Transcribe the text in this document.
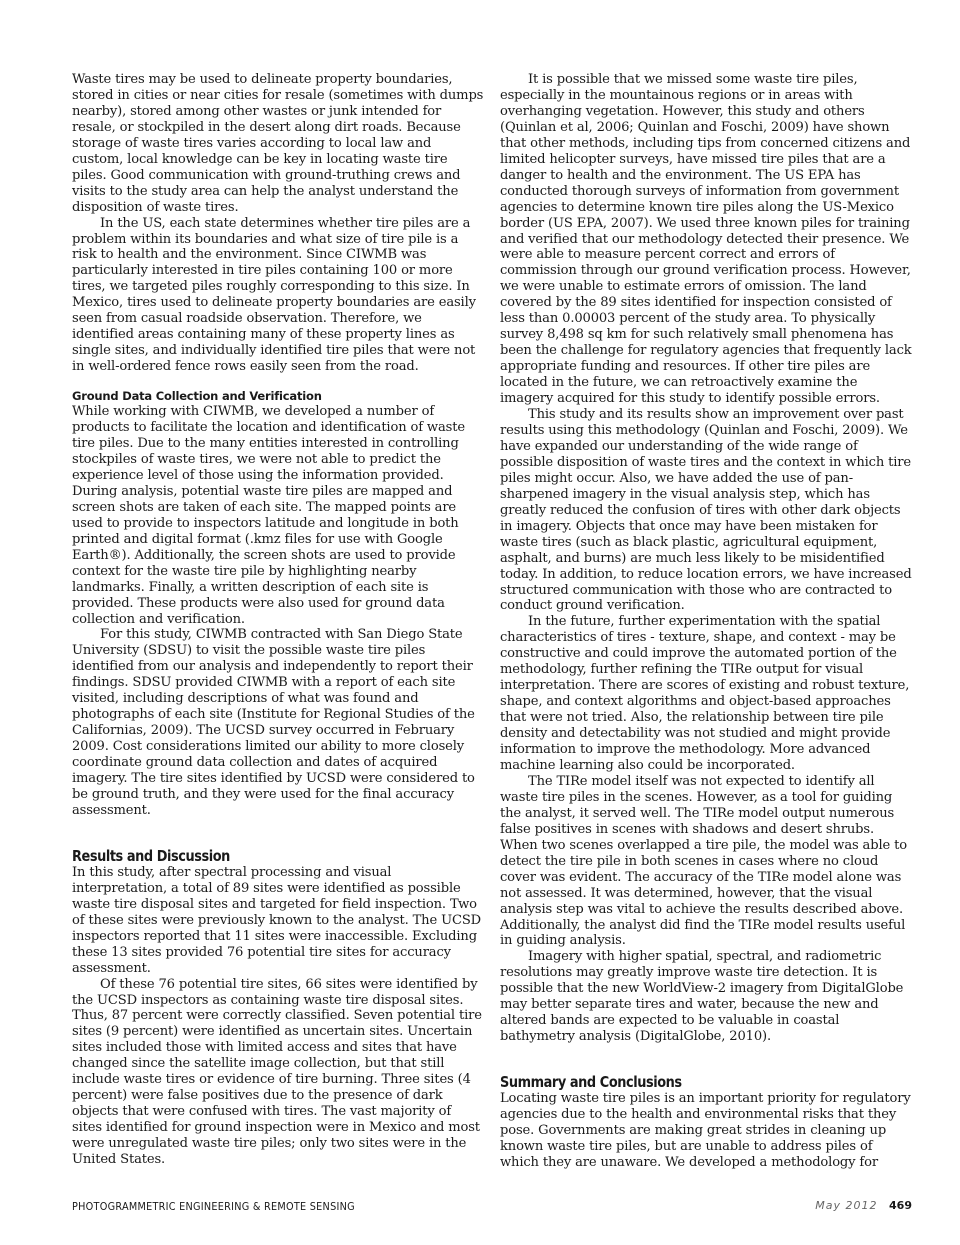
Waste tires may be used to delineate property boundaries, stored in cities or near cities for resale (sometimes with dumps nearby), stored among other wastes or junk intended for resale, or stockpiled in the desert along dirt roads. Because storage of waste tires varies according to local law and custom, local knowledge can be key in locating waste tire piles. Good communication with ground-truthing crews and visits to the study area can help the analyst understand the disposition of waste tires.

In the US, each state determines whether tire piles are a problem within its boundaries and what size of tire pile is a risk to health and the environment. Since CIWMB was particularly interested in tire piles containing 100 or more tires, we targeted piles roughly corresponding to this size. In Mexico, tires used to delineate property boundaries are easily seen from casual roadside observation. Therefore, we identified areas containing many of these property lines as single sites, and individually identified tire piles that were not in well-ordered fence rows easily seen from the road.

Ground Data Collection and Verification

While working with CIWMB, we developed a number of products to facilitate the location and identification of waste tire piles. Due to the many entities interested in controlling stockpiles of waste tires, we were not able to predict the experience level of those using the information provided. During analysis, potential waste tire piles are mapped and screen shots are taken of each site. The mapped points are used to provide to inspectors latitude and longitude in both printed and digital format (.kmz files for use with Google Earth®). Additionally, the screen shots are used to provide context for the waste tire pile by highlighting nearby landmarks. Finally, a written description of each site is provided. These products were also used for ground data collection and verification.

For this study, CIWMB contracted with San Diego State University (SDSU) to visit the possible waste tire piles identified from our analysis and independently to report their findings. SDSU provided CIWMB with a report of each site visited, including descriptions of what was found and photographs of each site (Institute for Regional Studies of the Californias, 2009). The UCSD survey occurred in February 2009. Cost considerations limited our ability to more closely coordinate ground data collection and dates of acquired imagery. The tire sites identified by UCSD were considered to be ground truth, and they were used for the final accuracy assessment.

Results and Discussion

In this study, after spectral processing and visual interpretation, a total of 89 sites were identified as possible waste tire disposal sites and targeted for field inspection. Two of these sites were previously known to the analyst. The UCSD inspectors reported that 11 sites were inaccessible. Excluding these 13 sites provided 76 potential tire sites for accuracy assessment.

Of these 76 potential tire sites, 66 sites were identified by the UCSD inspectors as containing waste tire disposal sites. Thus, 87 percent were correctly classified. Seven potential tire sites (9 percent) were identified as uncertain sites. Uncertain sites included those with limited access and sites that have changed since the satellite image collection, but that still include waste tires or evidence of tire burning. Three sites (4 percent) were false positives due to the presence of dark objects that were confused with tires. The vast majority of sites identified for ground inspection were in Mexico and most were unregulated waste tire piles; only two sites were in the United States.

It is possible that we missed some waste tire piles, especially in the mountainous regions or in areas with overhanging vegetation. However, this study and others (Quinlan et al, 2006; Quinlan and Foschi, 2009) have shown that other methods, including tips from concerned citizens and limited helicopter surveys, have missed tire piles that are a danger to health and the environment. The US EPA has conducted thorough surveys of information from government agencies to determine known tire piles along the US-Mexico border (US EPA, 2007). We used three known piles for training and verified that our methodology detected their presence. We were able to measure percent correct and errors of commission through our ground verification process. However, we were unable to estimate errors of omission. The land covered by the 89 sites identified for inspection consisted of less than 0.00003 percent of the study area. To physically survey 8,498 sq km for such relatively small phenomena has been the challenge for regulatory agencies that frequently lack appropriate funding and resources. If other tire piles are located in the future, we can retroactively examine the imagery acquired for this study to identify possible errors.

This study and its results show an improvement over past results using this methodology (Quinlan and Foschi, 2009). We have expanded our understanding of the wide range of possible disposition of waste tires and the context in which tire piles might occur. Also, we have added the use of pan-sharpened imagery in the visual analysis step, which has greatly reduced the confusion of tires with other dark objects in imagery. Objects that once may have been mistaken for waste tires (such as black plastic, agricultural equipment, asphalt, and burns) are much less likely to be misidentified today. In addition, to reduce location errors, we have increased structured communication with those who are contracted to conduct ground verification.

In the future, further experimentation with the spatial characteristics of tires - texture, shape, and context - may be constructive and could improve the automated portion of the methodology, further refining the TIRe output for visual interpretation. There are scores of existing and robust texture, shape, and context algorithms and object-based approaches that were not tried. Also, the relationship between tire pile density and detectability was not studied and might provide information to improve the methodology. More advanced machine learning also could be incorporated.

The TIRe model itself was not expected to identify all waste tire piles in the scenes. However, as a tool for guiding the analyst, it served well. The TIRe model output numerous false positives in scenes with shadows and desert shrubs. When two scenes overlapped a tire pile, the model was able to detect the tire pile in both scenes in cases where no cloud cover was evident. The accuracy of the TIRe model alone was not assessed. It was determined, however, that the visual analysis step was vital to achieve the results described above. Additionally, the analyst did find the TIRe model results useful in guiding analysis.

Imagery with higher spatial, spectral, and radiometric resolutions may greatly improve waste tire detection. It is possible that the new WorldView-2 imagery from DigitalGlobe may better separate tires and water, because the new and altered bands are expected to be valuable in coastal bathymetry analysis (DigitalGlobe, 2010).

Summary and Conclusions

Locating waste tire piles is an important priority for regulatory agencies due to the health and environmental risks that they pose. Governments are making great strides in cleaning up known waste tire piles, but are unable to address piles of which they are unaware. We developed a methodology for

PHOTOGRAMMETRIC ENGINEERING & REMOTE SENSING	May 2012 469
